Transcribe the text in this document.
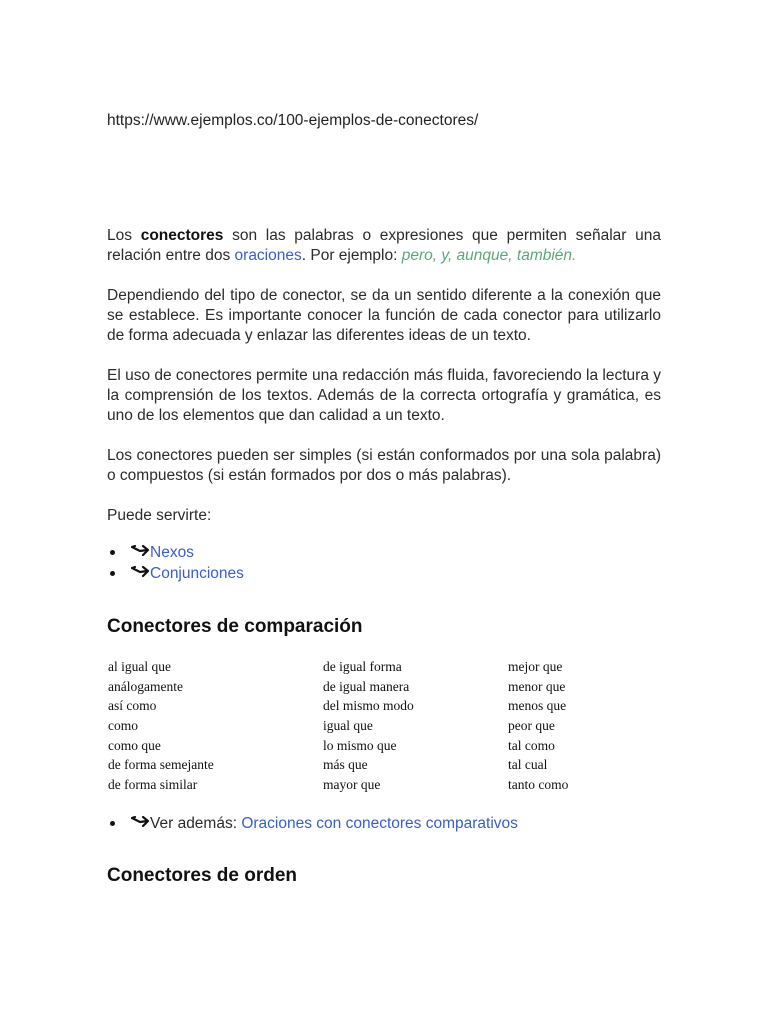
https://www.ejemplos.co/100-ejemplos-de-conectores/

Los conectores son las palabras o expresiones que permiten señalar una relación entre dos oraciones. Por ejemplo: pero, y, aunque, también.

Dependiendo del tipo de conector, se da un sentido diferente a la conexión que se establece. Es importante conocer la función de cada conector para utilizarlo de forma adecuada y enlazar las diferentes ideas de un texto.

El uso de conectores permite una redacción más fluida, favoreciendo la lectura y la comprensión de los textos. Además de la correcta ortografía y gramática, es uno de los elementos que dan calidad a un texto.

Los conectores pueden ser simples (si están conformados por una sola palabra) o compuestos (si están formados por dos o más palabras).

Puede servirte:

Nexos
Conjunciones
Conectores de comparación
al igual que	de igual forma	mejor que
análogamente	de igual manera	menor que
así como	del mismo modo	menos que
como	igual que	peor que
como que	lo mismo que	tal como
de forma semejante	más que	tal cual
de forma similar	mayor que	tanto como
Ver además: Oraciones con conectores comparativos
Conectores de orden
